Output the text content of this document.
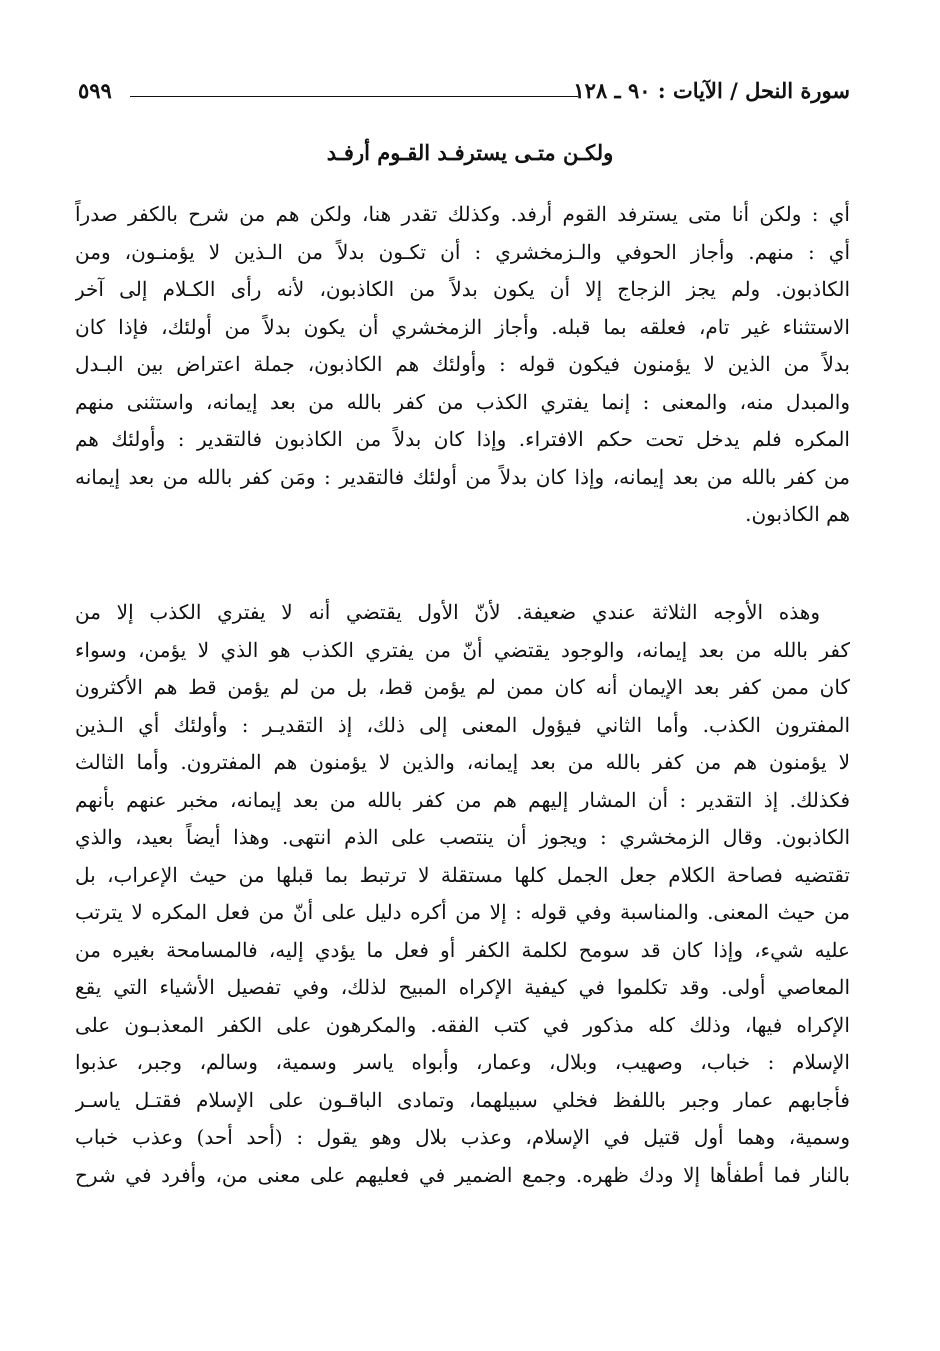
سورة النحل / الآيات : ٩٠ ـ ١٢٨
٥٩٩
ولكـن متـى يسترفـد القـوم أرفـد
أي : ولكن أنا متى يسترفد القوم أرفد. وكذلك تقدر هنا، ولكن هم من شرح بالكفر صدراً
أي : منهم. وأجاز الحوفي والـزمخشري : أن تكـون بدلاً من الـذين لا يؤمنـون، ومن
الكاذبون. ولم يجز الزجاج إلا أن يكون بدلاً من الكاذبون، لأنه رأى الكـلام إلى آخر
الاستثناء غير تام، فعلقه بما قبله. وأجاز الزمخشري أن يكون بدلاً من أولئك، فإذا كان
بدلاً من الذين لا يؤمنون فيكون قوله : وأولئك هم الكاذبون، جملة اعتراض بين البـدل
والمبدل منه، والمعنى : إنما يفتري الكذب من كفر بالله من بعد إيمانه، واستثنى منهم
المكره فلم يدخل تحت حكم الافتراء. وإذا كان بدلاً من الكاذبون فالتقدير : وأولئك هم
من كفر بالله من بعد إيمانه، وإذا كان بدلاً من أولئك فالتقدير : ومَن كفر بالله من بعد إيمانه
هم الكاذبون.
وهذه الأوجه الثلاثة عندي ضعيفة. لأنّ الأول يقتضي أنه لا يفتري الكذب إلا من
كفر بالله من بعد إيمانه، والوجود يقتضي أنّ من يفتري الكذب هو الذي لا يؤمن، وسواء
كان ممن كفر بعد الإيمان أنه كان ممن لم يؤمن قط، بل من لم يؤمن قط هم الأكثرون
المفترون الكذب. وأما الثاني فيؤول المعنى إلى ذلك، إذ التقديـر : وأولئك أي الـذين
لا يؤمنون هم من كفر بالله من بعد إيمانه، والذين لا يؤمنون هم المفترون. وأما الثالث
فكذلك. إذ التقدير : أن المشار إليهم هم من كفر بالله من بعد إيمانه، مخبر عنهم بأنهم
الكاذبون. وقال الزمخشري : ويجوز أن ينتصب على الذم انتهى. وهذا أيضاً بعيد، والذي
تقتضيه فصاحة الكلام جعل الجمل كلها مستقلة لا ترتبط بما قبلها من حيث الإعراب، بل
من حيث المعنى. والمناسبة وفي قوله : إلا من أكره دليل على أنّ من فعل المكره لا يترتب
عليه شيء، وإذا كان قد سومح لكلمة الكفر أو فعل ما يؤدي إليه، فالمسامحة بغيره من
المعاصي أولى. وقد تكلموا في كيفية الإكراه المبيح لذلك، وفي تفصيل الأشياء التي يقع
الإكراه فيها، وذلك كله مذكور في كتب الفقه. والمكرهون على الكفر المعذبـون على
الإسلام : خباب، وصهيب، وبلال، وعمار، وأبواه ياسر وسمية، وسالم، وجبر، عذبوا
فأجابهم عمار وجبر باللفظ فخلي سبيلهما، وتمادى الباقـون على الإسلام فقتـل ياسـر
وسمية، وهما أول قتيل في الإسلام، وعذب بلال وهو يقول : (أحد أحد) وعذب خباب
بالنار فما أطفأها إلا ودك ظهره. وجمع الضمير في فعليهم على معنى من، وأفرد في شرح
